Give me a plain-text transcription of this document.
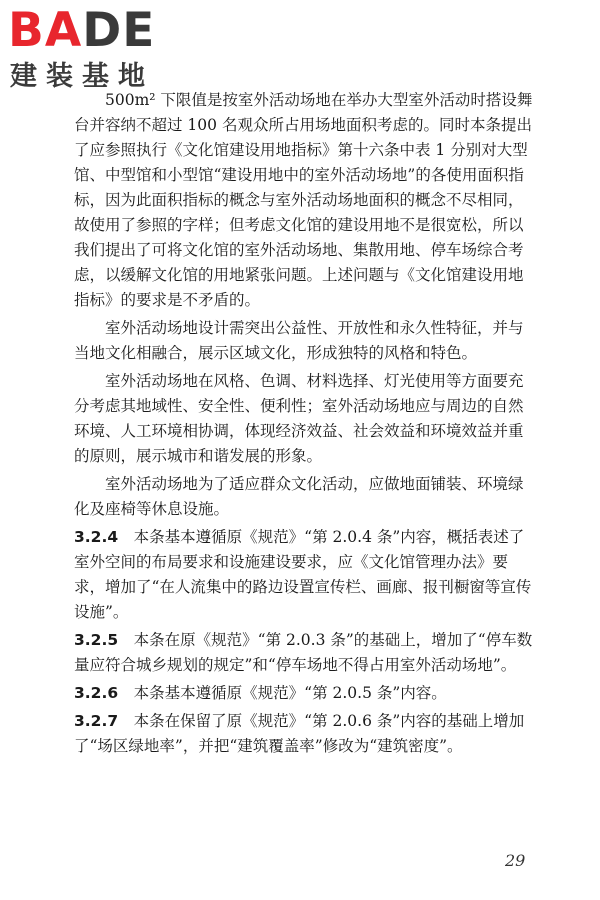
BADE
建装基地

500m² 下限值是按室外活动场地在举办大型室外活动时搭设舞台并容纳不超过 100 名观众所占用场地面积考虑的。同时本条提出了应参照执行《文化馆建设用地指标》第十六条中表 1 分别对大型馆、中型馆和小型馆“建设用地中的室外活动场地”的各使用面积指标，因为此面积指标的概念与室外活动场地面积的概念不尽相同，故使用了参照的字样；但考虑文化馆的建设用地不是很宽松，所以我们提出了可将文化馆的室外活动场地、集散用地、停车场综合考虑，以缓解文化馆的用地紧张问题。上述问题与《文化馆建设用地指标》的要求是不矛盾的。

室外活动场地设计需突出公益性、开放性和永久性特征，并与当地文化相融合，展示区域文化，形成独特的风格和特色。

室外活动场地在风格、色调、材料选择、灯光使用等方面要充分考虑其地域性、安全性、便利性；室外活动场地应与周边的自然环境、人工环境相协调，体现经济效益、社会效益和环境效益并重的原则，展示城市和谐发展的形象。

室外活动场地为了适应群众文化活动，应做地面铺装、环境绿化及座椅等休息设施。

3.2.4　 本条基本遵循原《规范》“第 2.0.4 条”内容，概括表述了室外空间的布局要求和设施建设要求，应《文化馆管理办法》要求，增加了“在人流集中的路边设置宣传栏、画廊、报刊橱窗等宣传设施”。

3.2.5　 本条在原《规范》“第 2.0.3 条”的基础上，增加了“停车数量应符合城乡规划的规定”和“停车场地不得占用室外活动场地”。

3.2.6　 本条基本遵循原《规范》“第 2.0.5 条”内容。

3.2.7　 本条在保留了原《规范》“第 2.0.6 条”内容的基础上增加了“场区绿地率”，并把“建筑覆盖率”修改为“建筑密度”。

29
